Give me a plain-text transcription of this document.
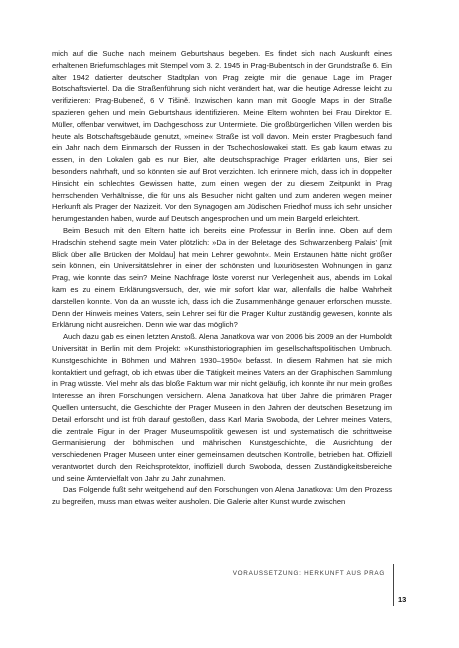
mich auf die Suche nach meinem Geburtshaus begeben. Es findet sich nach Auskunft eines erhaltenen Briefumschlages mit Stempel vom 3. 2. 1945 in Prag-Bubentsch in der Grundstraße 6. Ein alter 1942 datierter deutscher Stadtplan von Prag zeigte mir die genaue Lage im Prager Botschaftsviertel. Da die Straßenführung sich nicht verändert hat, war die heutige Adresse leicht zu verifizieren: Prag-Bubeneč, 6 V Tišině. Inzwischen kann man mit Google Maps in der Straße spazieren gehen und mein Geburtshaus identifizieren. Meine Eltern wohnten bei Frau Direktor E. Müller, offenbar verwitwet, im Dachgeschoss zur Untermiete. Die großbürgerlichen Villen werden bis heute als Botschaftsgebäude genutzt, »meine« Straße ist voll davon. Mein erster Pragbesuch fand ein Jahr nach dem Einmarsch der Russen in der Tschechoslowakei statt. Es gab kaum etwas zu essen, in den Lokalen gab es nur Bier, alte deutschsprachige Prager erklärten uns, Bier sei besonders nahrhaft, und so könnten sie auf Brot verzichten. Ich erinnere mich, dass ich in doppelter Hinsicht ein schlechtes Gewissen hatte, zum einen wegen der zu diesem Zeitpunkt in Prag herrschenden Verhältnisse, die für uns als Besucher nicht galten und zum anderen wegen meiner Herkunft als Prager der Nazizeit. Vor den Synagogen am Jüdischen Friedhof muss ich sehr unsicher herumgestanden haben, wurde auf Deutsch angesprochen und um mein Bargeld erleichtert.

Beim Besuch mit den Eltern hatte ich bereits eine Professur in Berlin inne. Oben auf dem Hradschin stehend sagte mein Vater plötzlich: »Da in der Beletage des Schwarzenberg Palais' [mit Blick über alle Brücken der Moldau] hat mein Lehrer gewohnt«. Mein Erstaunen hätte nicht größer sein können, ein Universitätslehrer in einer der schönsten und luxuriösesten Wohnungen in ganz Prag, wie konnte das sein? Meine Nachfrage löste vorerst nur Verlegenheit aus, abends im Lokal kam es zu einem Erklärungsversuch, der, wie mir sofort klar war, allenfalls die halbe Wahrheit darstellen konnte. Von da an wusste ich, dass ich die Zusammenhänge genauer erforschen musste. Denn der Hinweis meines Vaters, sein Lehrer sei für die Prager Kultur zuständig gewesen, konnte als Erklärung nicht ausreichen. Denn wie war das möglich?

Auch dazu gab es einen letzten Anstoß. Alena Janatkova war von 2006 bis 2009 an der Humboldt Universität in Berlin mit dem Projekt: »Kunsthistoriographien im gesellschaftspolitischen Umbruch. Kunstgeschichte in Böhmen und Mähren 1930–1950« befasst. In diesem Rahmen hat sie mich kontaktiert und gefragt, ob ich etwas über die Tätigkeit meines Vaters an der Graphischen Sammlung in Prag wüsste. Viel mehr als das bloße Faktum war mir nicht geläufig, ich konnte ihr nur mein großes Interesse an ihren Forschungen versichern. Alena Janatkova hat über Jahre die primären Prager Quellen untersucht, die Geschichte der Prager Museen in den Jahren der deutschen Besetzung im Detail erforscht und ist früh darauf gestoßen, dass Karl Maria Swoboda, der Lehrer meines Vaters, die zentrale Figur in der Prager Museumspolitik gewesen ist und systematisch die schrittweise Germanisierung der böhmischen und mährischen Kunstgeschichte, die Ausrichtung der verschiedenen Prager Museen unter einer gemeinsamen deutschen Kontrolle, betrieben hat. Offiziell verantwortet durch den Reichsprotektor, inoffiziell durch Swoboda, dessen Zuständigkeitsbereiche und seine Ämtervielfalt von Jahr zu Jahr zunahmen.

Das Folgende fußt sehr weitgehend auf den Forschungen von Alena Janatkova: Um den Prozess zu begreifen, muss man etwas weiter ausholen. Die Galerie alter Kunst wurde zwischen

VORAUSSETZUNG: HERKUNFT AUS PRAG
13
